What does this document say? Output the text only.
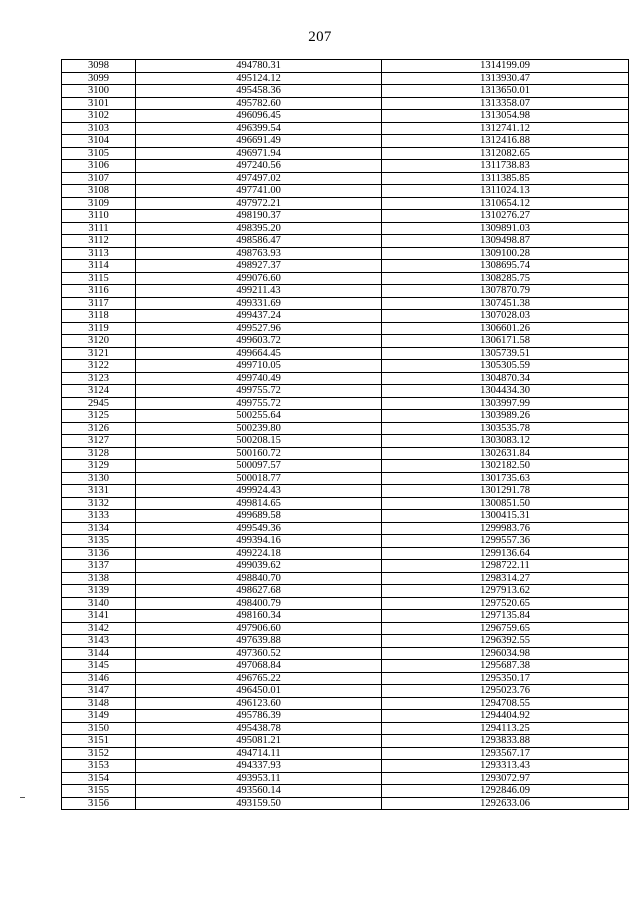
207
3098	494780.31	1314199.09
3099	495124.12	1313930.47
3100	495458.36	1313650.01
3101	495782.60	1313358.07
3102	496096.45	1313054.98
3103	496399.54	1312741.12
3104	496691.49	1312416.88
3105	496971.94	1312082.65
3106	497240.56	1311738.83
3107	497497.02	1311385.85
3108	497741.00	1311024.13
3109	497972.21	1310654.12
3110	498190.37	1310276.27
3111	498395.20	1309891.03
3112	498586.47	1309498.87
3113	498763.93	1309100.28
3114	498927.37	1308695.74
3115	499076.60	1308285.75
3116	499211.43	1307870.79
3117	499331.69	1307451.38
3118	499437.24	1307028.03
3119	499527.96	1306601.26
3120	499603.72	1306171.58
3121	499664.45	1305739.51
3122	499710.05	1305305.59
3123	499740.49	1304870.34
3124	499755.72	1304434.30
2945	499755.72	1303997.99
3125	500255.64	1303989.26
3126	500239.80	1303535.78
3127	500208.15	1303083.12
3128	500160.72	1302631.84
3129	500097.57	1302182.50
3130	500018.77	1301735.63
3131	499924.43	1301291.78
3132	499814.65	1300851.50
3133	499689.58	1300415.31
3134	499549.36	1299983.76
3135	499394.16	1299557.36
3136	499224.18	1299136.64
3137	499039.62	1298722.11
3138	498840.70	1298314.27
3139	498627.68	1297913.62
3140	498400.79	1297520.65
3141	498160.34	1297135.84
3142	497906.60	1296759.65
3143	497639.88	1296392.55
3144	497360.52	1296034.98
3145	497068.84	1295687.38
3146	496765.22	1295350.17
3147	496450.01	1295023.76
3148	496123.60	1294708.55
3149	495786.39	1294404.92
3150	495438.78	1294113.25
3151	495081.21	1293833.88
3152	494714.11	1293567.17
3153	494337.93	1293313.43
3154	493953.11	1293072.97
3155	493560.14	1292846.09
3156	493159.50	1292633.06
